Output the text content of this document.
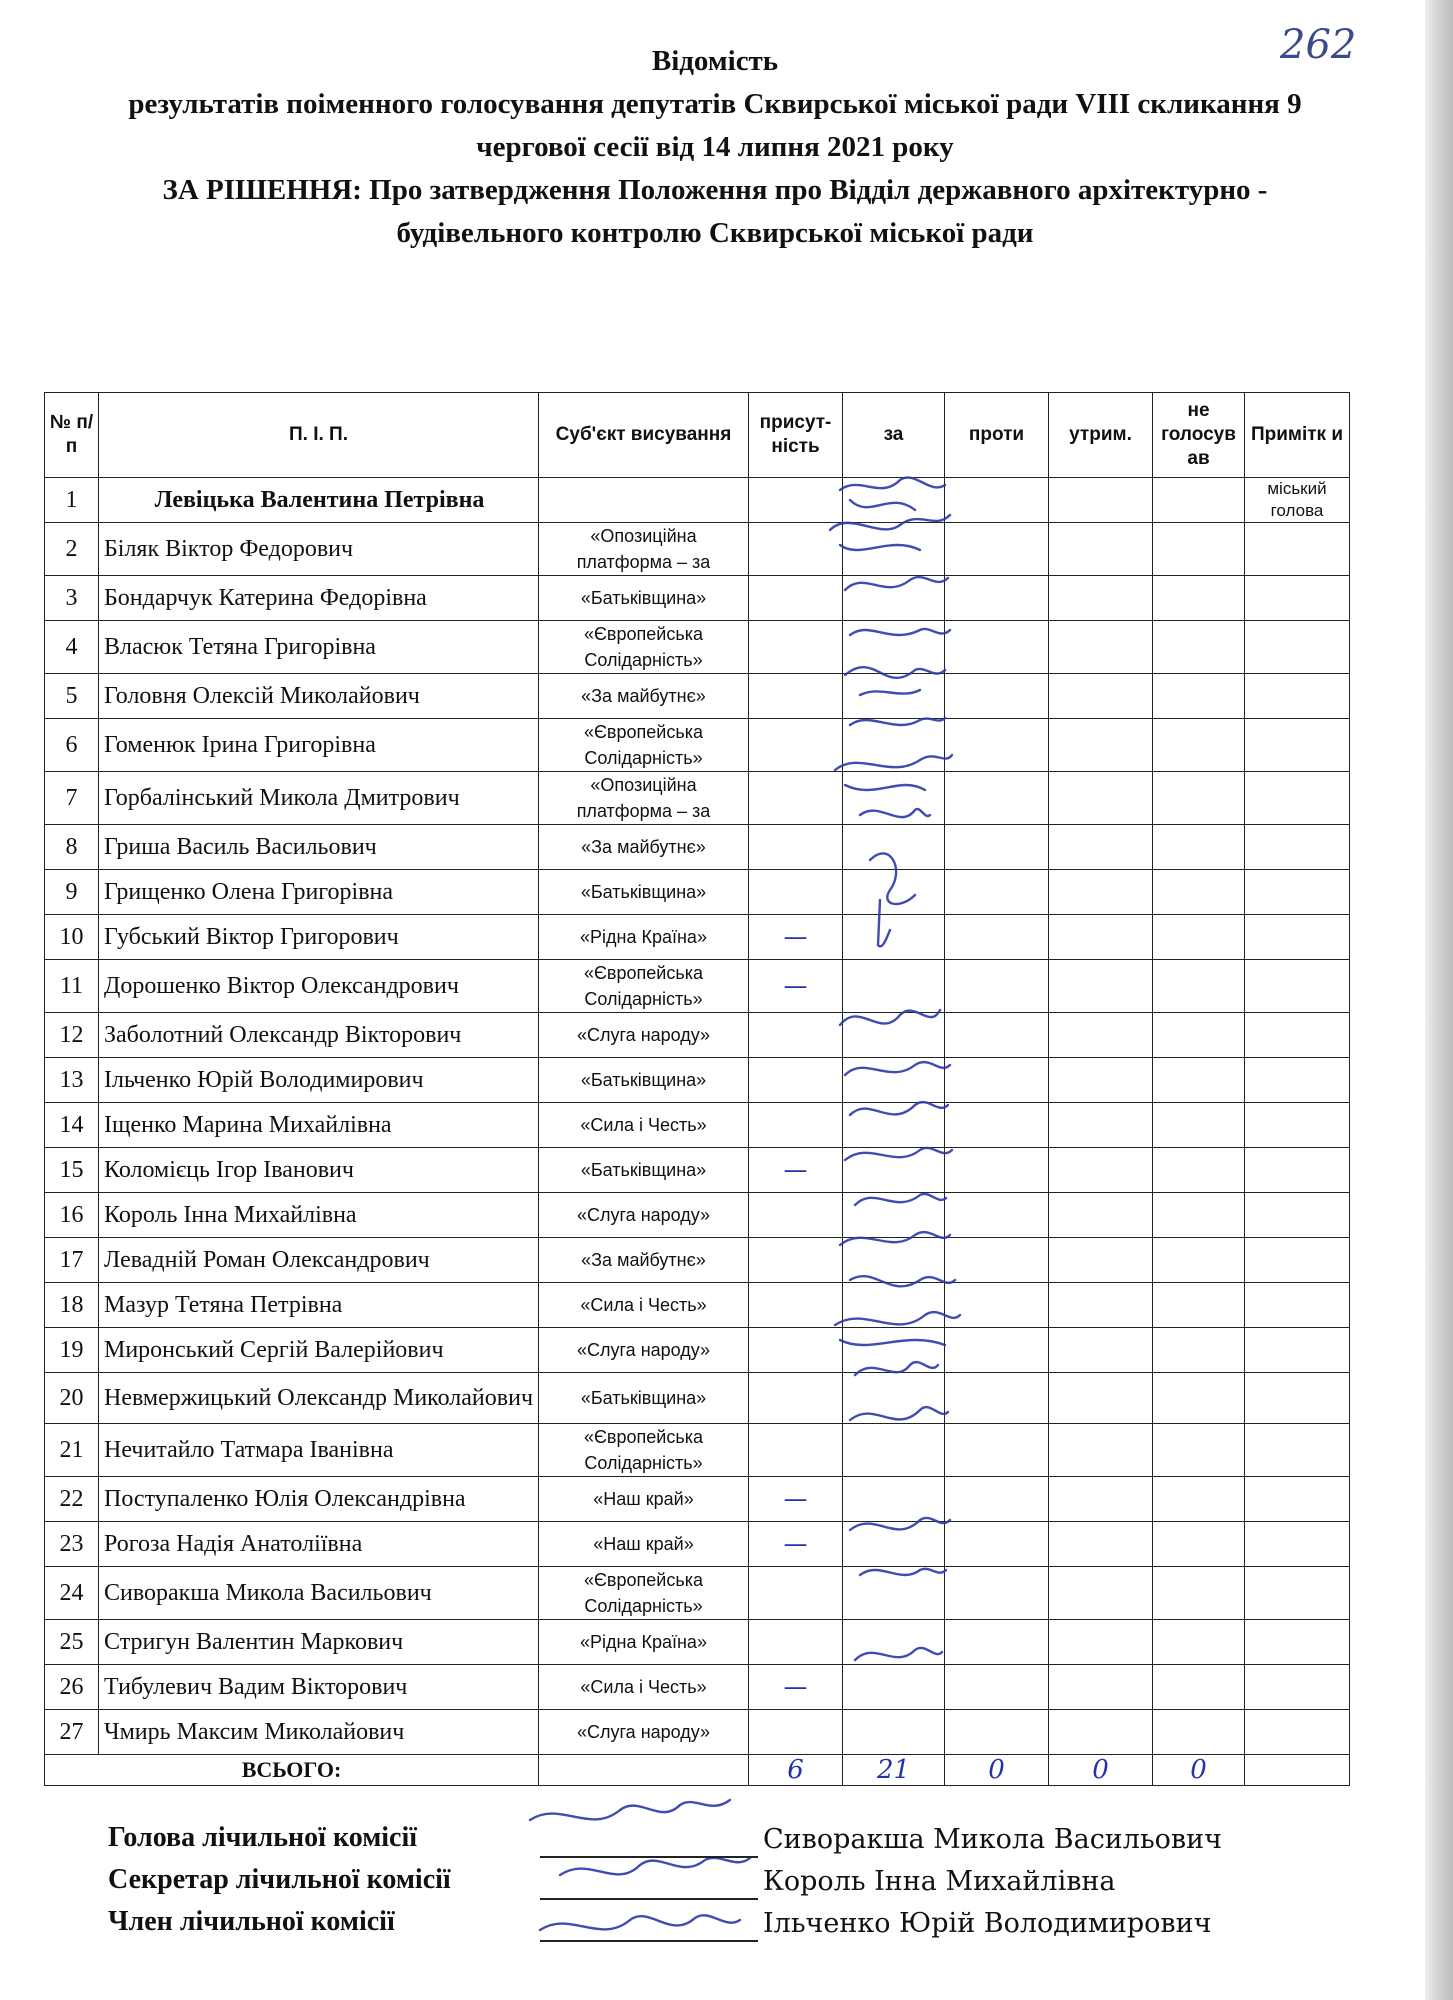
262
Відомість
результатів поіменного голосування депутатів Сквирської міської ради VIII скликання 9
чергової сесії від 14 липня 2021 року
ЗА РІШЕННЯ: Про затвердження Положення про Відділ державного архітектурно -
будівельного контролю Сквирської міської ради
№ п/п	П. І. П.	Суб'єкт висування	присут-ність	за	проти	утрим.	не голосув ав	Примітк и
1	Левіцька Валентина Петрівна							міський голова
2	Біляк Віктор Федорович	«Опозиційна платформа – за						
3	Бондарчук Катерина Федорівна	«Батьківщина»						
4	Власюк Тетяна Григорівна	«Європейська Солідарність»						
5	Головня Олексій Миколайович	«За майбутнє»						
6	Гоменюк Ірина Григорівна	«Європейська Солідарність»						
7	Горбалінський Микола Дмитрович	«Опозиційна платформа – за						
8	Гриша Василь Васильович	«За майбутнє»						
9	Грищенко Олена Григорівна	«Батьківщина»						
10	Губський Віктор Григорович	«Рідна Країна»	—					
11	Дорошенко Віктор Олександрович	«Європейська Солідарність»	—					
12	Заболотний Олександр Вікторович	«Слуга народу»						
13	Ільченко Юрій Володимирович	«Батьківщина»						
14	Іщенко Марина Михайлівна	«Сила і Честь»						
15	Коломієць Ігор Іванович	«Батьківщина»	—					
16	Король Інна Михайлівна	«Слуга народу»						
17	Левадній Роман Олександрович	«За майбутнє»						
18	Мазур Тетяна Петрівна	«Сила і Честь»						
19	Миронський Сергій Валерійович	«Слуга народу»						
20	Невмержицький Олександр Миколайович	«Батьківщина»						
21	Нечитайло Татмара Іванівна	«Європейська Солідарність»						
22	Поступаленко Юлія Олександрівна	«Наш край»	—					
23	Рогоза Надія Анатоліївна	«Наш край»	—					
24	Сиворакша Микола Васильович	«Європейська Солідарність»						
25	Стригун Валентин Маркович	«Рідна Країна»						
26	Тибулевич Вадим Вікторович	«Сила і Честь»	—					
27	Чмирь Максим Миколайович	«Слуга народу»						
ВСЬОГО:			6	21	0	0	0	
Голова лічильної комісії	Сиворакша Микола Васильович
Секретар лічильної комісії	Король Інна Михайлівна
Член лічильної комісії	Ільченко Юрій Володимирович
